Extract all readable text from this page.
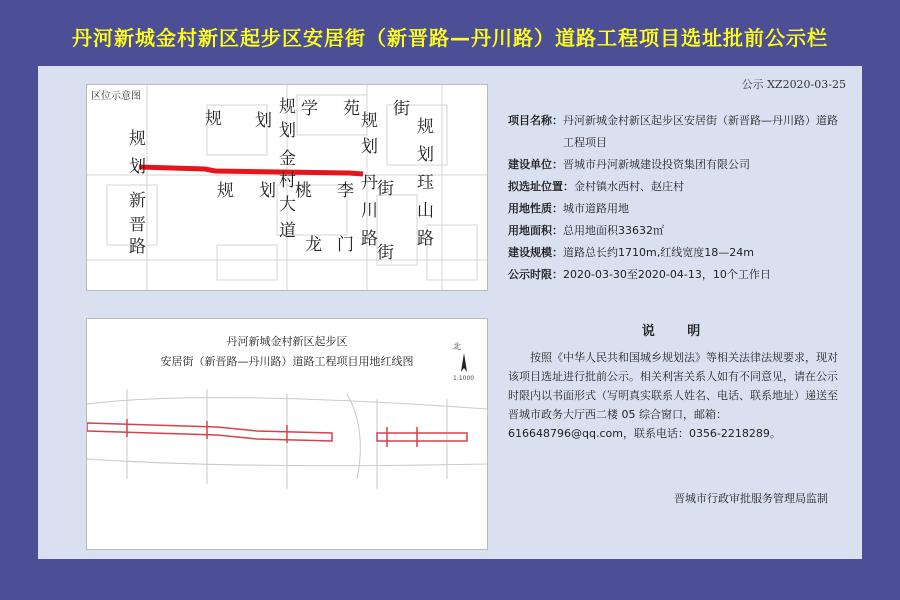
丹河新城金村新区起步区安居街（新晋路—丹川路）道路工程项目选址批前公示栏
公示 XZ2020-03-25
区位示意图
规
划
新
晋
路
规 划
规 划
规
划
金
村
大
道
学
桃
龙
苑
李
门
规
划
丹
川
路
街
街
街
规
划
珏
山
路
项目名称： 丹河新城金村新区起步区安居街（新晋路—丹川路）道路工程项目
建设单位： 晋城市丹河新城建设投资集团有限公司
拟选址位置： 金村镇水西村、赵庄村
用地性质： 城市道路用地
用地面积： 总用地面积33632㎡
建设规模： 道路总长约1710m,红线宽度18—24m
公示时限： 2020-03-30至2020-04-13，10个工作日
丹河新城金村新区起步区
安居街（新晋路—丹川路）道路工程项目用地红线图
北
1:1000
说 明
按照《中华人民共和国城乡规划法》等相关法律法规要求，现对该项目选址进行批前公示。相关利害关系人如有不同意见，请在公示时限内以书面形式（写明真实联系人姓名、电话、联系地址）递送至晋城市政务大厅西二楼 05 综合窗口，邮箱：616648796@qq.com，联系电话：0356-2218289。
晋城市行政审批服务管理局监制
